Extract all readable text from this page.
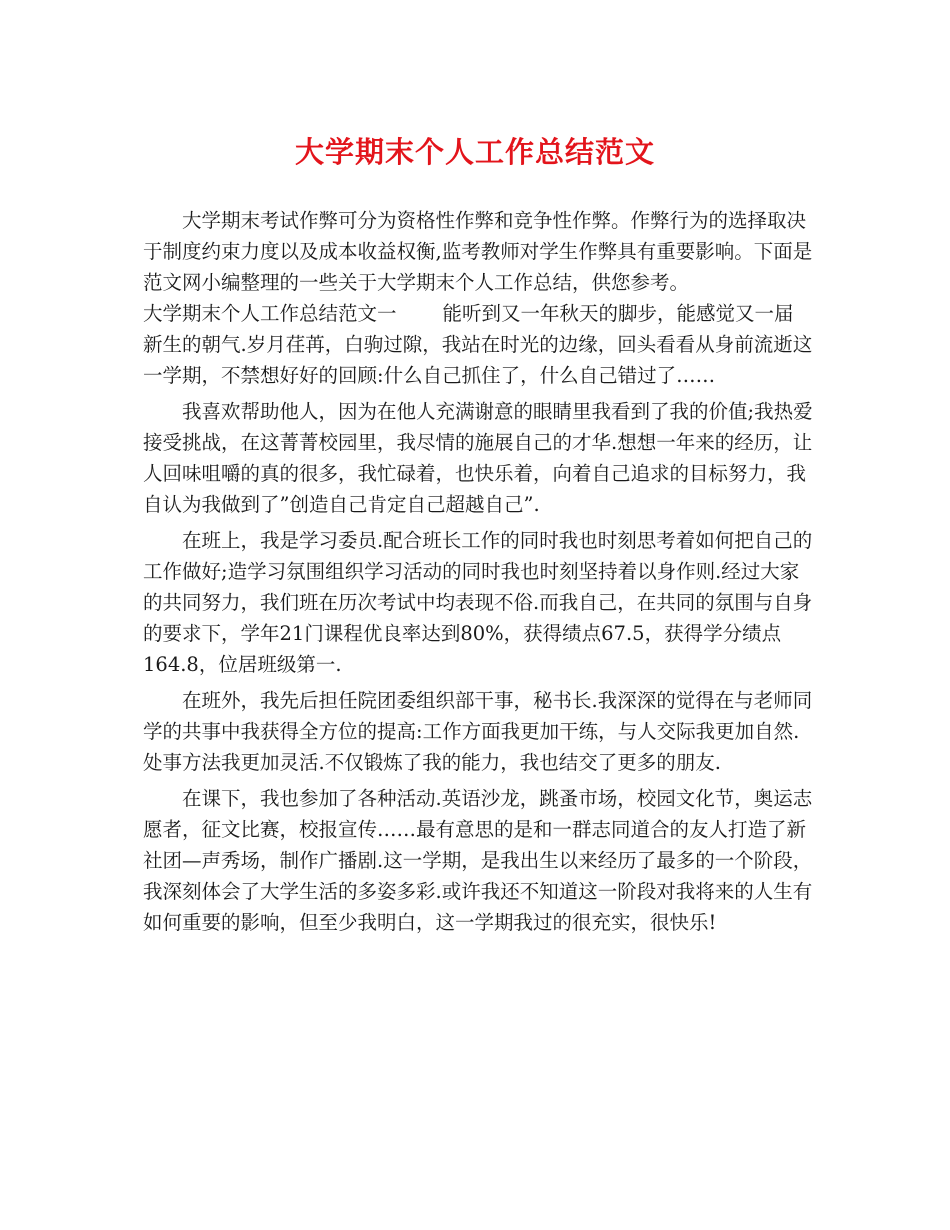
大学期末个人工作总结范文

大学期末考试作弊可分为资格性作弊和竞争性作弊。作弊行为的选择取决于制度约束力度以及成本收益权衡,监考教师对学生作弊具有重要影响。下面是范文网小编整理的一些关于大学期末个人工作总结，供您参考。

大学期末个人工作总结范文一 能听到又一年秋天的脚步，能感觉又一届新生的朝气.岁月荏苒，白驹过隙，我站在时光的边缘，回头看看从身前流逝这一学期，不禁想好好的回顾:什么自己抓住了，什么自己错过了……

我喜欢帮助他人，因为在他人充满谢意的眼睛里我看到了我的价值;我热爱接受挑战，在这菁菁校园里，我尽情的施展自己的才华.想想一年来的经历，让人回味咀嚼的真的很多，我忙碌着，也快乐着，向着自己追求的目标努力，我自认为我做到了”创造自己肯定自己超越自己”.

在班上，我是学习委员.配合班长工作的同时我也时刻思考着如何把自己的工作做好;造学习氛围组织学习活动的同时我也时刻坚持着以身作则.经过大家的共同努力，我们班在历次考试中均表现不俗.而我自己，在共同的氛围与自身的要求下，学年21门课程优良率达到80%，获得绩点67.5，获得学分绩点164.8，位居班级第一.

在班外，我先后担任院团委组织部干事，秘书长.我深深的觉得在与老师同学的共事中我获得全方位的提高:工作方面我更加干练，与人交际我更加自然.处事方法我更加灵活.不仅锻炼了我的能力，我也结交了更多的朋友.

在课下，我也参加了各种活动.英语沙龙，跳蚤市场，校园文化节，奥运志愿者，征文比赛，校报宣传……最有意思的是和一群志同道合的友人打造了新社团—声秀场，制作广播剧.这一学期，是我出生以来经历了最多的一个阶段，我深刻体会了大学生活的多姿多彩.或许我还不知道这一阶段对我将来的人生有如何重要的影响，但至少我明白，这一学期我过的很充实，很快乐!
